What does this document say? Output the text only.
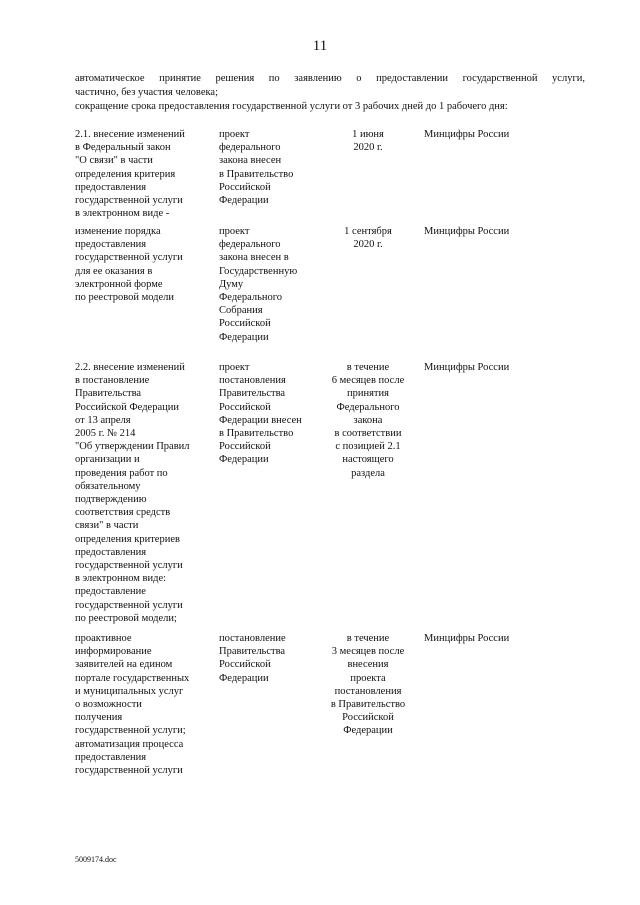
11
автоматическое принятие решения по заявлению о предоставлении государственной услуги,
частично, без участия человека;
сокращение срока предоставления государственной услуги от 3 рабочих дней до 1 рабочего дня:

2.1. внесение изменений
в Федеральный закон
"О связи" в части
определения критерия
предоставления
государственной услуги
в электронном виде -

проект
федерального
закона внесен
в Правительство
Российской
Федерации

1 июня
2020 г.

Минцифры России

изменение порядка
предоставления
государственной услуги
для ее оказания в
электронной форме
по реестровой модели

проект
федерального
закона внесен в
Государственную
Думу
Федерального
Собрания
Российской
Федерации

1 сентября
2020 г.

Минцифры России

2.2. внесение изменений
в постановление
Правительства
Российской Федерации
от 13 апреля
2005 г. № 214
"Об утверждении Правил
организации и
проведения работ по
обязательному
подтверждению
соответствия средств
связи" в части
определения критериев
предоставления
государственной услуги
в электронном виде:
предоставление
государственной услуги
по реестровой модели;

проект
постановления
Правительства
Российской
Федерации внесен
в Правительство
Российской
Федерации

в течение
6 месяцев после
принятия
Федерального
закона
в соответствии
с позицией 2.1
настоящего
раздела

Минцифры России

проактивное
информирование
заявителей на едином
портале государственных
и муниципальных услуг
о возможности
получения
государственной услуги;
автоматизация процесса
предоставления
государственной услуги

постановление
Правительства
Российской
Федерации

в течение
3 месяцев после
внесения
проекта
постановления
в Правительство
Российской
Федерации

Минцифры России

5009174.doc
